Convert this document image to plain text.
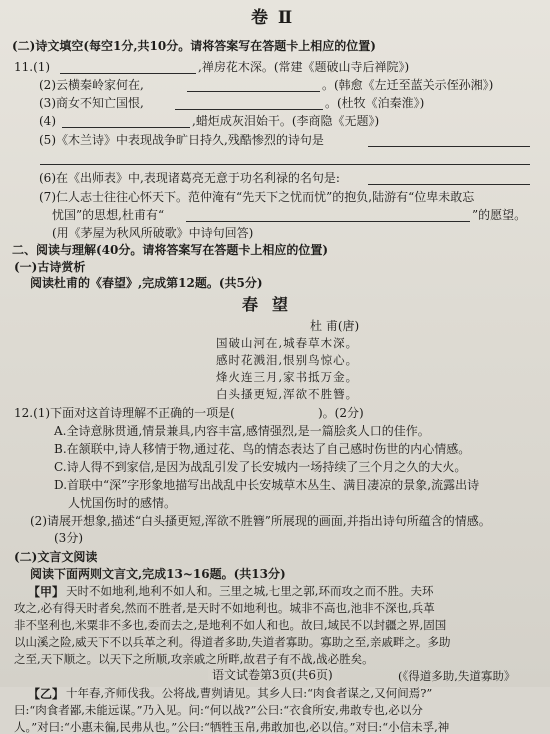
卷 Ⅱ
(二)诗文填空(每空1分,共10分。请将答案写在答题卡上相应的位置)
11.(1)	,禅房花木深。(常建《题破山寺后禅院》)
(2)云横秦岭家何在,	。(韩愈《左迁至蓝关示侄孙湘》)
(3)商女不知亡国恨,	。(杜牧《泊秦淮》)
(4)	,蜡炬成灰泪始干。(李商隐《无题》)
(5)《木兰诗》中表现战争旷日持久,残酷惨烈的诗句是
(6)在《出师表》中,表现诸葛亮无意于功名利禄的名句是:
(7)仁人志士往往心怀天下。范仲淹有“先天下之忧而忧”的抱负,陆游有“位卑未敢忘
忧国”的思想,杜甫有“	”的愿望。
(用《茅屋为秋风所破歌》中诗句回答)
二、阅读与理解(40分。请将答案写在答题卡上相应的位置)
(一)古诗赏析
阅读杜甫的《春望》,完成第12题。(共5分)
春望
杜 甫(唐)
国破山河在,城春草木深。
感时花溅泪,恨别鸟惊心。
烽火连三月,家书抵万金。
白头搔更短,浑欲不胜簪。
12.(1)下面对这首诗理解不正确的一项是(	)。(2分)
A.全诗意脉贯通,情景兼具,内容丰富,感情强烈,是一篇脍炙人口的佳作。
B.在颔联中,诗人移情于物,通过花、鸟的情态表达了自己感时伤世的内心情感。
C.诗人得不到家信,是因为战乱引发了长安城内一场持续了三个月之久的大火。
D.首联中“深”字形象地描写出战乱中长安城草木丛生、满目凄凉的景象,流露出诗
人忧国伤时的感情。
(2)请展开想象,描述“白头搔更短,浑欲不胜簪”所展现的画面,并指出诗句所蕴含的情感。
(3分)
(二)文言文阅读
阅读下面两则文言文,完成13~16题。(共13分)
【甲】 天时不如地利,地利不如人和。三里之城,七里之郭,环而攻之而不胜。夫环
攻之,必有得天时者矣,然而不胜者,是天时不如地利也。城非不高也,池非不深也,兵革
非不坚利也,米粟非不多也,委而去之,是地利不如人和也。故曰,域民不以封疆之界,固国
以山溪之险,威天下不以兵革之利。得道者多助,失道者寡助。寡助之至,亲戚畔之。多助
之至,天下顺之。以天下之所顺,攻亲戚之所畔,故君子有不战,战必胜矣。
(《得道多助,失道寡助》
【乙】 十年春,齐师伐我。公将战,曹刿请见。其乡人曰:“肉食者谋之,又何间焉?”
曰:“肉食者鄙,未能远谋。”乃入见。问:“何以战?”公曰:“衣食所安,弗敢专也,必以分
人。”对曰:“小惠未徧,民弗从也。”公曰:“牺牲玉帛,弗敢加也,必以信。”对曰:“小信未孚,神
语文试卷第3页(共6页)
